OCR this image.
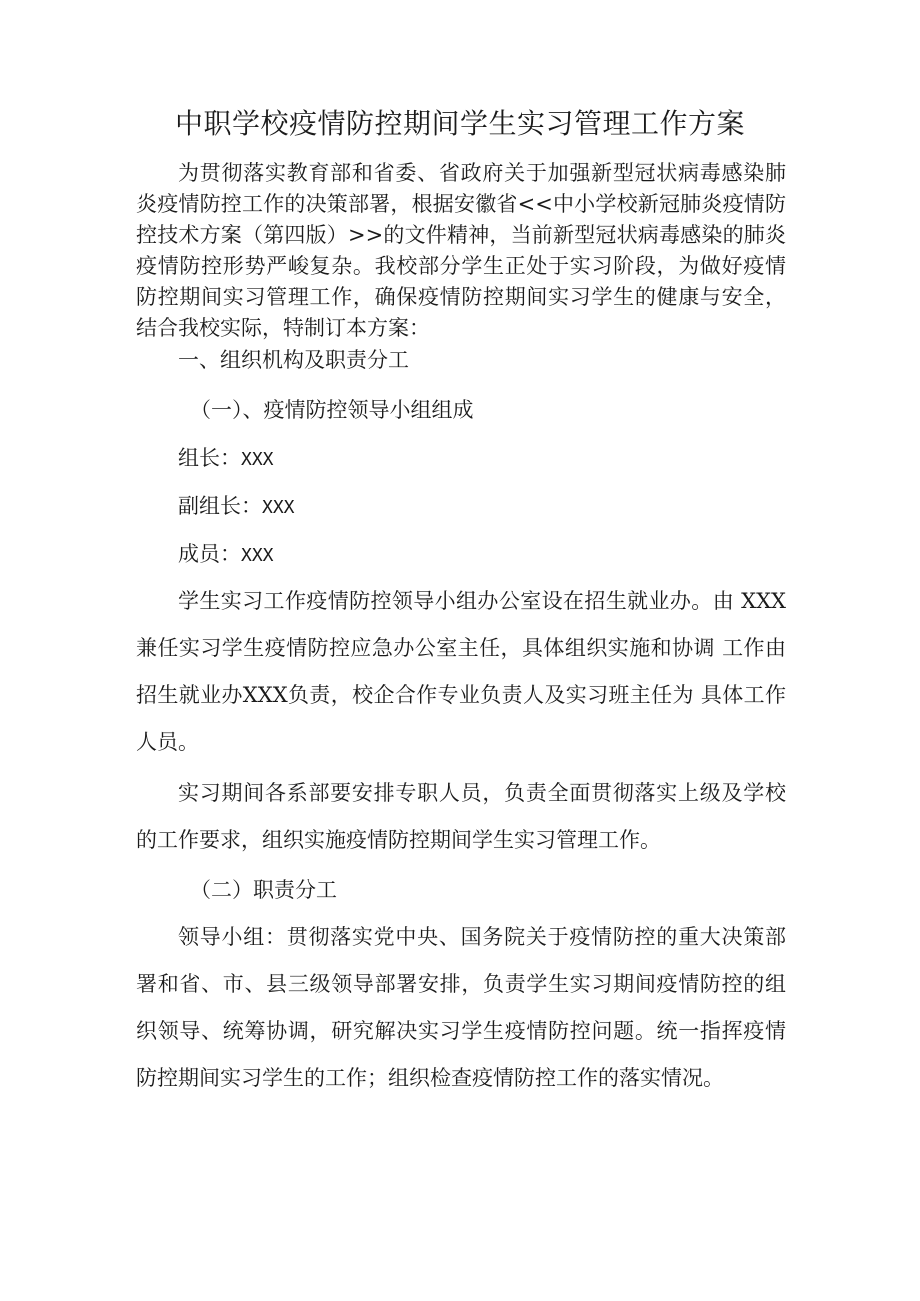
中职学校疫情防控期间学生实习管理工作方案

为贯彻落实教育部和省委、省政府关于加强新型冠状病毒感染肺炎疫情防控工作的决策部署，根据安徽省<<中小学校新冠肺炎疫情防控技术方案（第四版）>>的文件精神，当前新型冠状病毒感染的肺炎疫情防控形势严峻复杂。我校部分学生正处于实习阶段，为做好疫情防控期间实习管理工作，确保疫情防控期间实习学生的健康与安全，结合我校实际，特制订本方案：

一、组织机构及职责分工

（一）、疫情防控领导小组组成

组长：XXX

副组长：XXX

成员：XXX

学生实习工作疫情防控领导小组办公室设在招生就业办。由 XXX兼任实习学生疫情防控应急办公室主任，具体组织实施和协调 工作由招生就业办XXX负责，校企合作专业负责人及实习班主任为 具体工作人员。

实习期间各系部要安排专职人员，负责全面贯彻落实上级及学校的工作要求，组织实施疫情防控期间学生实习管理工作。

（二）职责分工

领导小组：贯彻落实党中央、国务院关于疫情防控的重大决策部署和省、市、县三级领导部署安排，负责学生实习期间疫情防控的组织领导、统筹协调，研究解决实习学生疫情防控问题。统一指挥疫情防控期间实习学生的工作；组织检查疫情防控工作的落实情况。
